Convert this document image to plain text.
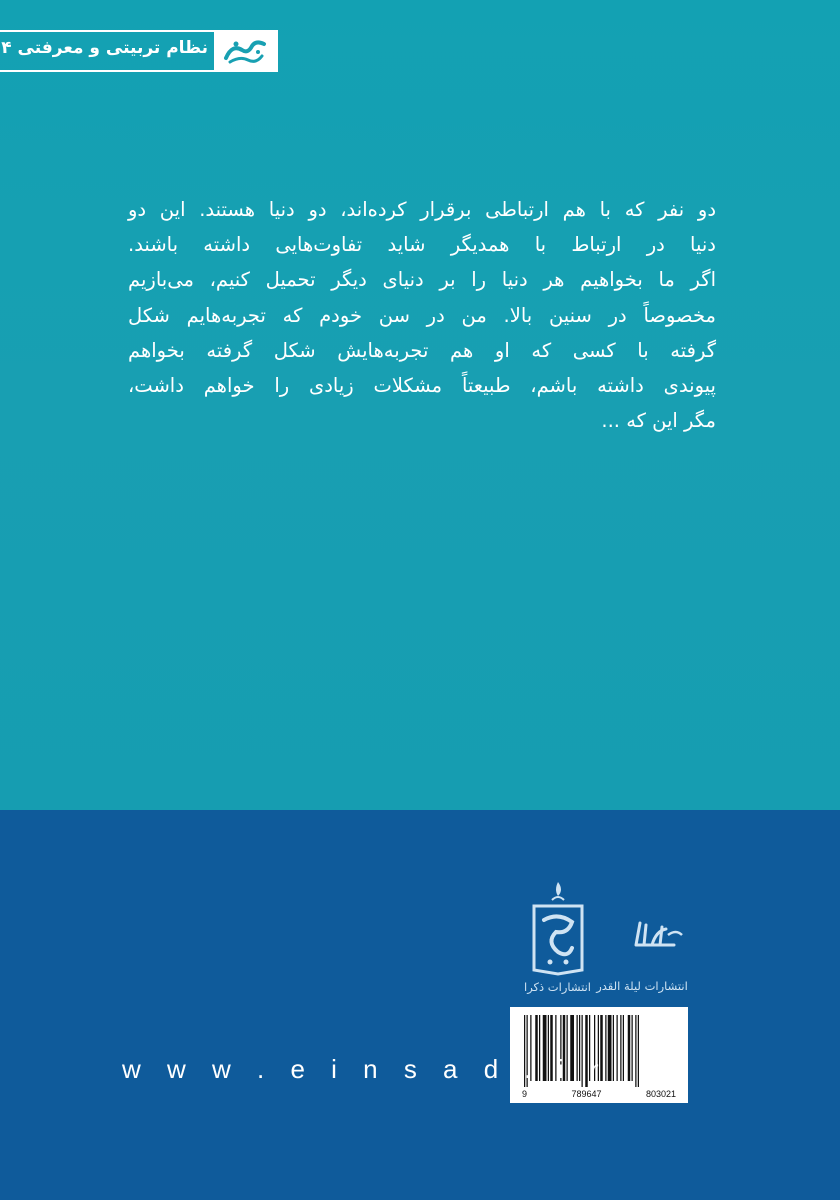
نظام تربیتی و معرفتی ۴

دو نفر که با هم ارتباطی برقرار کرده‌اند، دو دنیا هستند. این دو

دنیا در ارتباط با همدیگر شاید تفاوت‌هایی داشته باشند.

اگر ما بخواهیم هر دنیا را بر دنیای دیگر تحمیل کنیم، می‌بازیم

مخصوصاً در سنین بالا. من در سن خودم که تجربه‌هایم شکل

گرفته با کسی که او هم تجربه‌هایش شکل گرفته بخواهم

پیوندی داشته باشم، طبیعتاً مشکلات زیادی را خواهم داشت،

مگر این که ...

انتشارات لیلة القدر
انتشارات ذکرا
9	789647	803021
w w w . e i n s a d . i r
